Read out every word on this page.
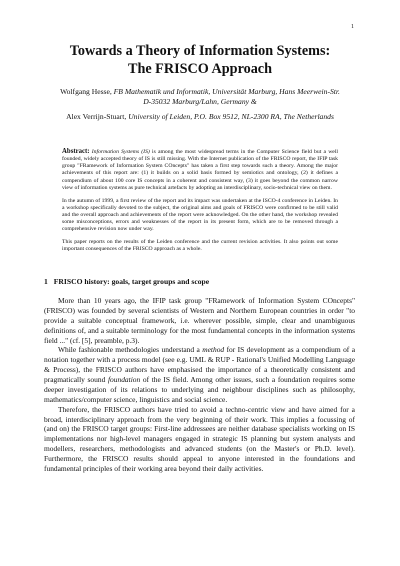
1
Towards a Theory of Information Systems:
The FRISCO Approach
Wolfgang Hesse, FB Mathematik und Informatik, Universität Marburg, Hans Meerwein-Str. D-35032 Marburg/Lahn, Germany &
Alex Verrijn-Stuart, University of Leiden, P.O. Box 9512, NL-2300 RA, The Netherlands

Abstract: Information Systems (IS) is among the most widespread terms in the Computer Science field but a well founded, widely accepted theory of IS is still missing. With the Internet publication of the FRISCO report, the IFIP task group "FRamework of Information System COncepts" has taken a first step towards such a theory. Among the major achievements of this report are: (1) it builds on a solid basis formed by semiotics and ontology, (2) it defines a compendium of about 100 core IS concepts in a coherent and consistent way, (3) it goes beyond the common narrow view of information systems as pure technical artefacts by adopting an interdisciplinary, socio-technical view on them.

In the autumn of 1999, a first review of the report and its impact was undertaken at the ISCO-4 conference in Leiden. In a workshop specifically devoted to the subject, the original aims and goals of FRISCO were confirmed to be still valid and the overall approach and achievements of the report were acknowledged. On the other hand, the workshop revealed some misconceptions, errors and weaknesses of the report in its present form, which are to be removed through a comprehensive revision now under way.

This paper reports on the results of the Leiden conference and the current revision activities. It also points out some important consequences of the FRISCO approach as a whole.

1 FRISCO history: goals, target groups and scope

More than 10 years ago, the IFIP task group "FRamework of Information System COncepts" (FRISCO) was founded by several scientists of Western and Northern European countries in order "to provide a suitable conceptual framework, i.e. wherever possible, simple, clear and unambiguous definitions of, and a suitable terminology for the most fundamental concepts in the information systems field ..." (cf. [5], preamble, p.3).

While fashionable methodologies understand a method for IS development as a compendium of a notation together with a process model (see e.g. UML & RUP - Rational's Unified Modelling Language & Process), the FRISCO authors have emphasised the importance of a theoretically consistent and pragmatically sound foundation of the IS field. Among other issues, such a foundation requires some deeper investigation of its relations to underlying and neighbour disciplines such as philosophy, mathematics/computer science, linguistics and social science.

Therefore, the FRISCO authors have tried to avoid a techno-centric view and have aimed for a broad, interdisciplinary approach from the very beginning of their work. This implies a focussing of (and on) the FRISCO target groups: First-line addressees are neither database specialists working on IS implementations nor high-level managers engaged in strategic IS planning but system analysts and modellers, researchers, methodologists and advanced students (on the Master's or Ph.D. level). Furthermore, the FRISCO results should appeal to anyone interested in the foundations and fundamental principles of their working area beyond their daily activities.
